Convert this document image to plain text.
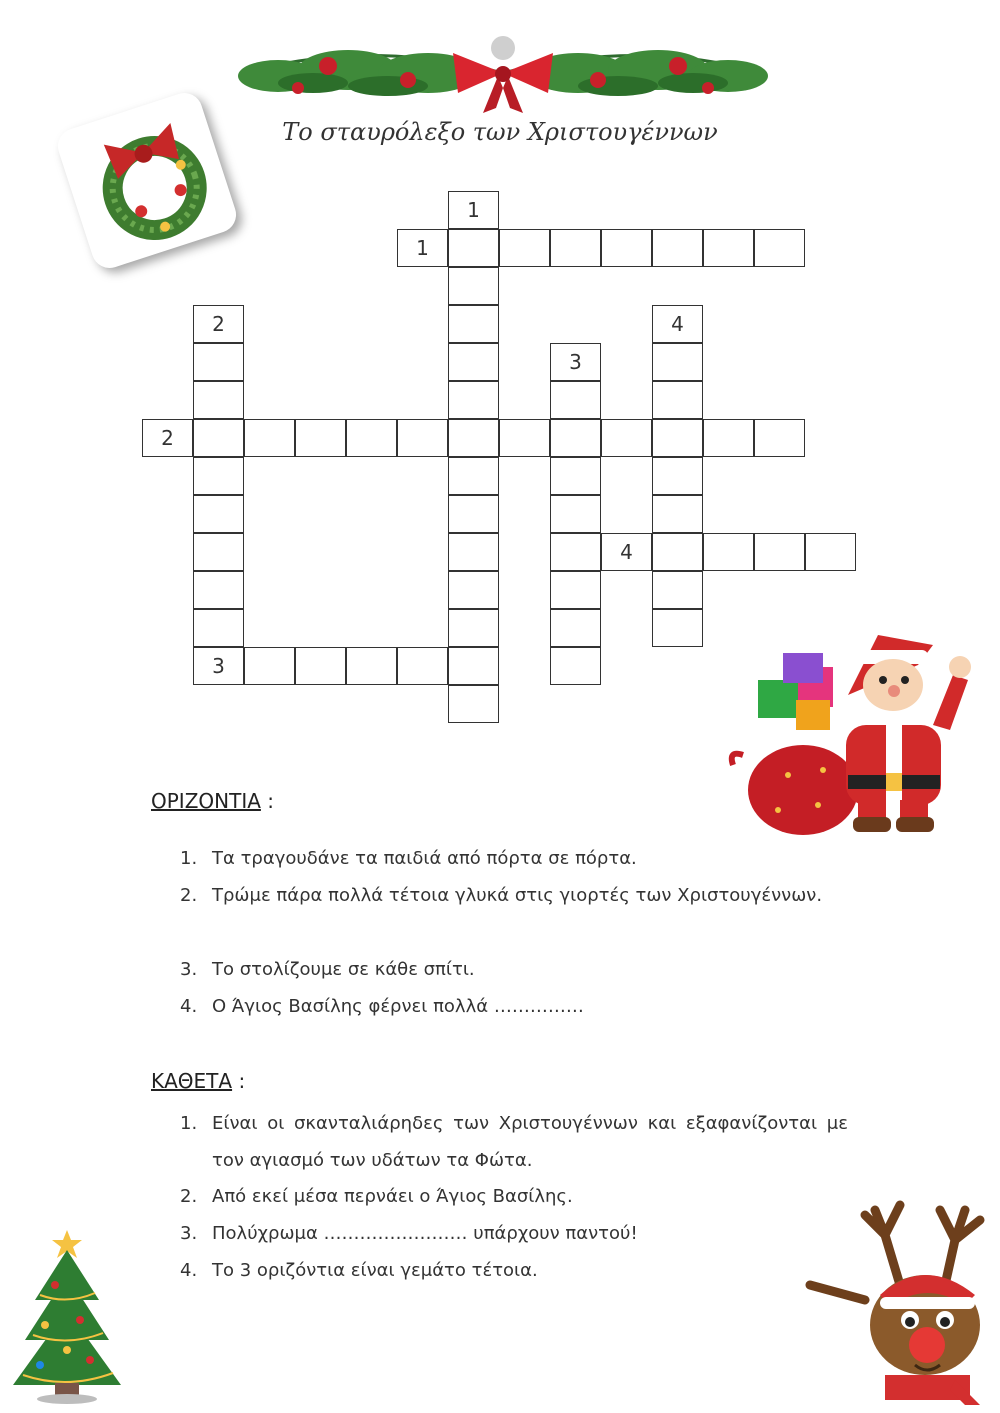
Το σταυρόλεξο των Χριστουγέννων
1
1
2	4
3
2
4
3
ΟΡΙΖΟΝΤΙΑ :
1. Τα τραγουδάνε τα παιδιά από πόρτα σε πόρτα.
2. Τρώμε πάρα πολλά τέτοια γλυκά στις γιορτές των Χριστουγέννων.
3. Το στολίζουμε σε κάθε σπίτι.
4. Ο Άγιος Βασίλης φέρνει πολλά ……………
ΚΑΘΕΤΑ :
1. Είναι οι σκανταλιάρηδες των Χριστουγέννων και εξαφανίζονται με τον αγιασμό των υδάτων τα Φώτα.
2. Από εκεί μέσα περνάει ο Άγιος Βασίλης.
3. Πολύχρωμα …………………… υπάρχουν παντού!
4. Το 3 οριζόντια είναι γεμάτο τέτοια.
